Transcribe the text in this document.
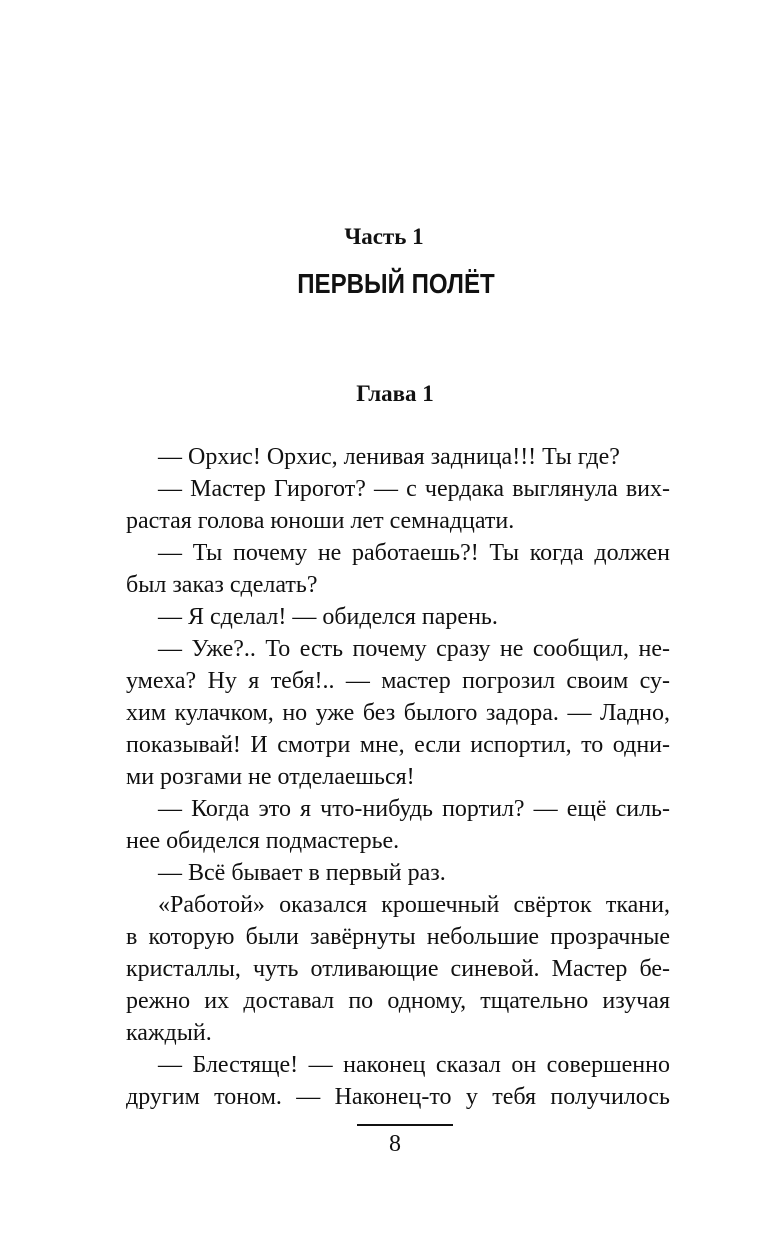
Часть 1
ПЕРВЫЙ ПОЛЁТ
Глава 1
— Орхис! Орхис, ленивая задница!!! Ты где?
— Мастер Гирогот? — с чердака выглянула вих-
растая голова юноши лет семнадцати.
— Ты почему не работаешь?! Ты когда должен
был заказ сделать?
— Я сделал! — обиделся парень.
— Уже?.. То есть почему сразу не сообщил, не-
умеха? Ну я тебя!.. — мастер погрозил своим су-
хим кулачком, но уже без былого задора. — Ладно,
показывай! И смотри мне, если испортил, то одни-
ми розгами не отделаешься!
— Когда это я что-нибудь портил? — ещё силь-
нее обиделся подмастерье.
— Всё бывает в первый раз.
«Работой» оказался крошечный свёрток ткани,
в которую были завёрнуты небольшие прозрачные
кристаллы, чуть отливающие синевой. Мастер бе-
режно их доставал по одному, тщательно изучая
каждый.
— Блестяще! — наконец сказал он совершенно
другим тоном. — Наконец-то у тебя получилось
8
